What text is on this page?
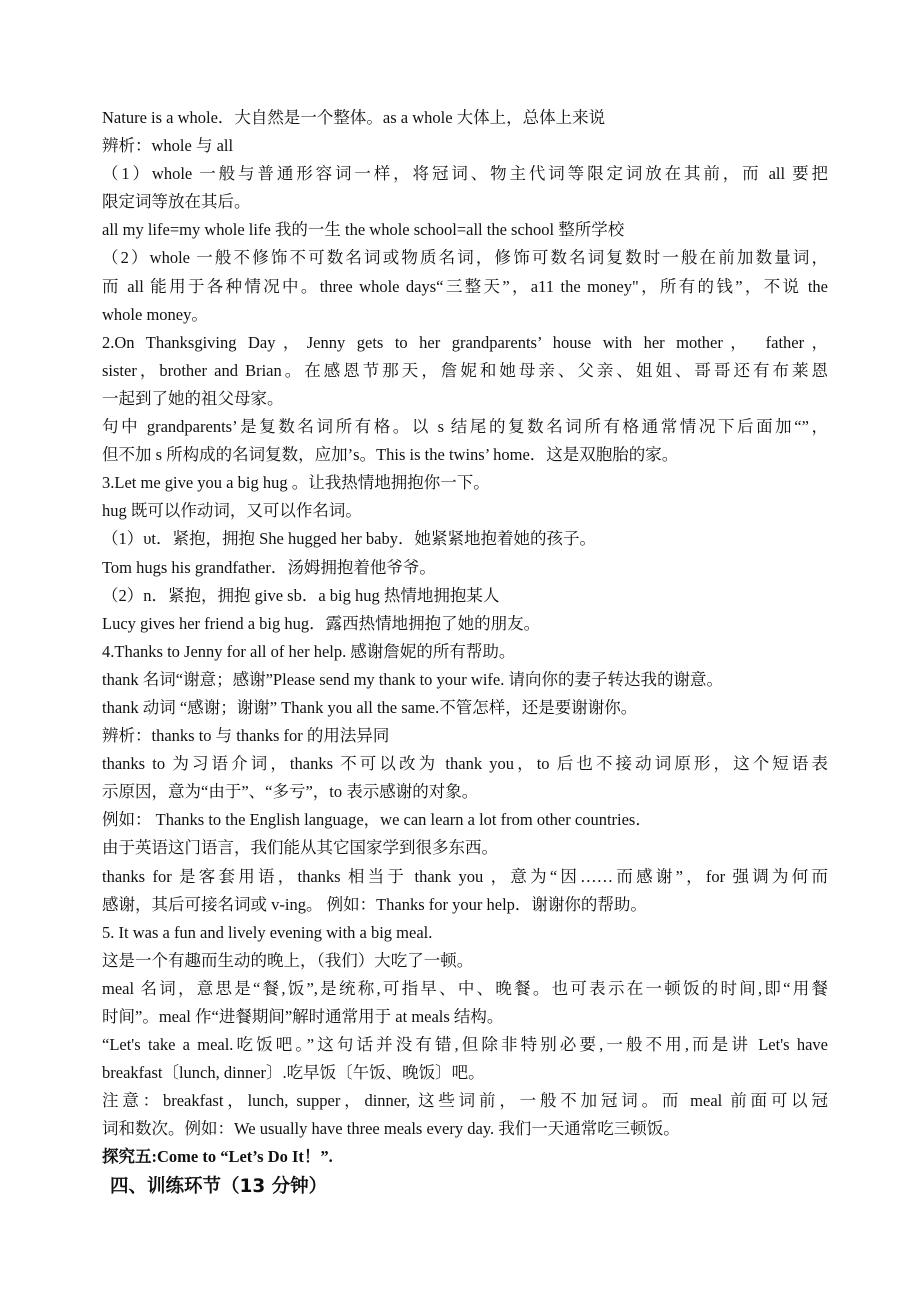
Nature is a whole．大自然是一个整体。as a whole 大体上，总体上来说
辨析：whole 与 all
（1）whole 一般与普通形容词一样，将冠词、物主代词等限定词放在其前，而 all 要把
限定词等放在其后。
all my life=my whole life 我的一生 the whole school=all the school 整所学校
（2）whole 一般不修饰不可数名词或物质名词，修饰可数名词复数时一般在前加数量词，
而 all 能用于各种情况中。three whole days“三整天”，a11 the money"，所有的钱”，不说 the
whole money。
2.On Thanksgiving Day，Jenny gets to her grandparents’ house with her mother， father，
sister，brother and Brian。在感恩节那天，詹妮和她母亲、父亲、姐姐、哥哥还有布莱恩
一起到了她的祖父母家。
句中 grandparents’是复数名词所有格。以 s 结尾的复数名词所有格通常情况下后面加“”，
但不加 s 所构成的名词复数，应加’s。This is the twins’ home．这是双胞胎的家。
3.Let me give you a big hug 。让我热情地拥抱你一下。
hug 既可以作动词，又可以作名词。
（1）υt．紧抱，拥抱 She hugged her baby．她紧紧地抱着她的孩子。
Tom hugs his grandfather．汤姆拥抱着他爷爷。
（2）n．紧抱，拥抱 give sb．a big hug 热情地拥抱某人
Lucy gives her friend a big hug．露西热情地拥抱了她的朋友。
4.Thanks to Jenny for all of her help. 感谢詹妮的所有帮助。
thank 名词“谢意；感谢”Please send my thank to your wife. 请向你的妻子转达我的谢意。
thank 动词 “感谢；谢谢” Thank you all the same.不管怎样，还是要谢谢你。
辨析：thanks to 与 thanks for 的用法异同
thanks to 为习语介词，thanks 不可以改为 thank you，to 后也不接动词原形，这个短语表
示原因，意为“由于”、“多亏”，to 表示感谢的对象。
例如： Thanks to the English language，we can learn a lot from other countries．
由于英语这门语言，我们能从其它国家学到很多东西。
thanks for 是客套用语，thanks 相当于 thank you ，意为“因……而感谢”，for 强调为何而
感谢，其后可接名词或 v-ing。 例如：Thanks for your help．谢谢你的帮助。
5. It was a fun and lively evening with a big meal.
这是一个有趣而生动的晚上，（我们）大吃了一顿。
meal 名词，意思是“餐,饭”,是统称,可指早、中、晚餐。也可表示在一顿饭的时间,即“用餐
时间”。meal 作“进餐期间”解时通常用于 at meals 结构。
“Let's take a meal.吃饭吧。”这句话并没有错,但除非特别必要,一般不用,而是讲 Let's have
breakfast〔lunch, dinner〕.吃早饭〔午饭、晚饭〕吧。
注意：breakfast，lunch, supper，dinner, 这些词前，一般不加冠词。而 meal 前面可以冠
词和数次。例如：We usually have three meals every day. 我们一天通常吃三顿饭。
探究五:Come to “Let’s Do It！”.
四、训练环节（13 分钟）
